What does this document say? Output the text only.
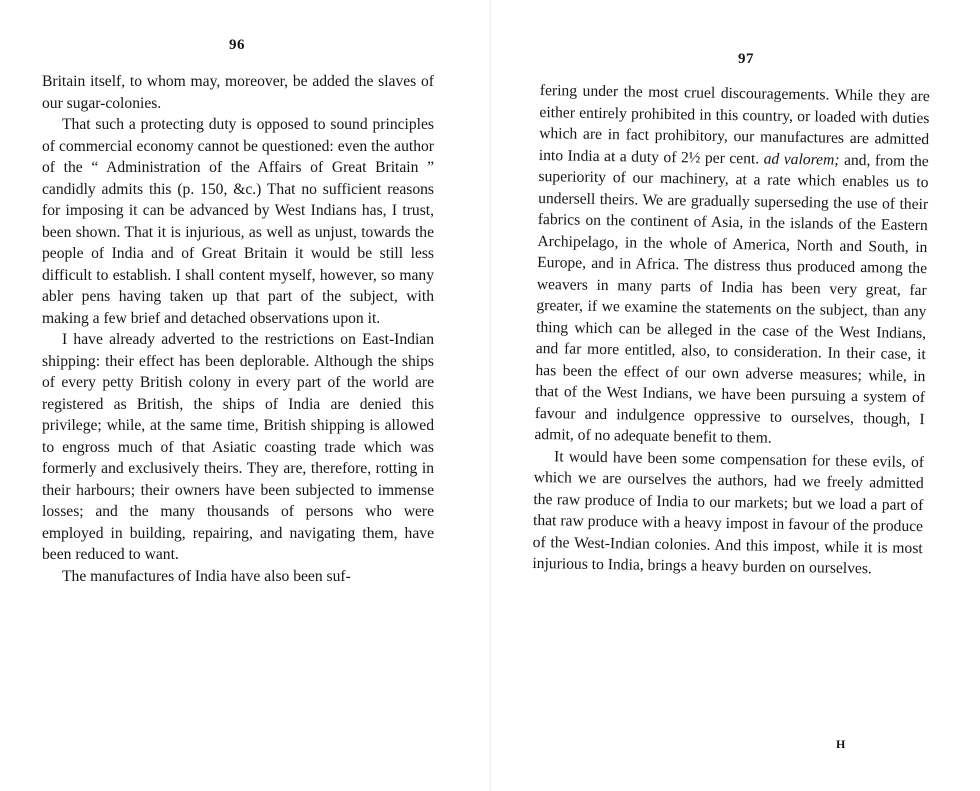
96

Britain itself, to whom may, moreover, be added the slaves of our sugar-colonies.

That such a protecting duty is opposed to sound principles of commercial economy cannot be questioned: even the author of the “ Administration of the Affairs of Great Britain ” candidly admits this (p. 150, &c.) That no sufficient reasons for imposing it can be advanced by West Indians has, I trust, been shown. That it is injurious, as well as unjust, towards the people of India and of Great Britain it would be still less difficult to establish. I shall content myself, however, so many abler pens having taken up that part of the subject, with making a few brief and detached observations upon it.

I have already adverted to the restrictions on East-Indian shipping: their effect has been deplorable. Although the ships of every petty British colony in every part of the world are registered as British, the ships of India are denied this privilege; while, at the same time, British shipping is allowed to engross much of that Asiatic coasting trade which was formerly and exclusively theirs. They are, therefore, rotting in their harbours; their owners have been subjected to immense losses; and the many thousands of persons who were employed in building, repairing, and navigating them, have been reduced to want.

The manufactures of India have also been suf-

97

fering under the most cruel discouragements. While they are either entirely prohibited in this country, or loaded with duties which are in fact prohibitory, our manufactures are admitted into India at a duty of 2½ per cent. ad valorem; and, from the superiority of our machinery, at a rate which enables us to undersell theirs. We are gradually superseding the use of their fabrics on the continent of Asia, in the islands of the Eastern Archipelago, in the whole of America, North and South, in Europe, and in Africa. The distress thus produced among the weavers in many parts of India has been very great, far greater, if we examine the statements on the subject, than any thing which can be alleged in the case of the West Indians, and far more entitled, also, to consideration. In their case, it has been the effect of our own adverse measures; while, in that of the West Indians, we have been pursuing a system of favour and indulgence oppressive to ourselves, though, I admit, of no adequate benefit to them.

It would have been some compensation for these evils, of which we are ourselves the authors, had we freely admitted the raw produce of India to our markets; but we load a part of that raw produce with a heavy impost in favour of the produce of the West-Indian colonies. And this impost, while it is most injurious to India, brings a heavy burden on ourselves.

H
